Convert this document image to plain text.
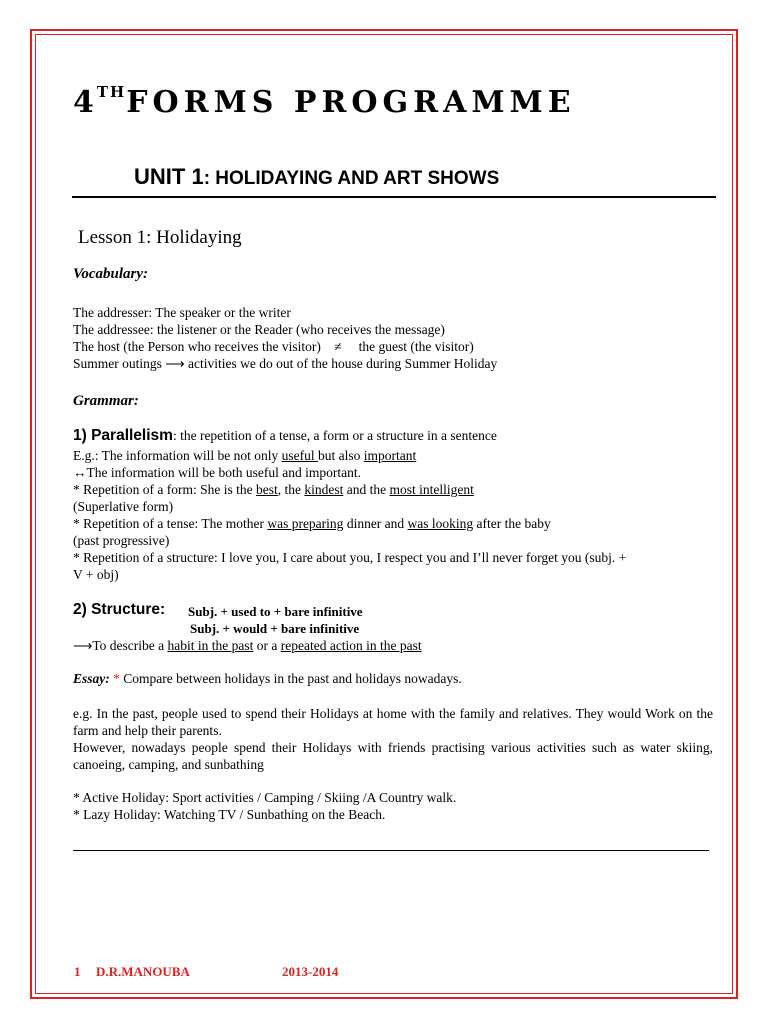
4THFORMS PROGRAMME
UNIT 1: HOLIDAYING AND ART SHOWS
Lesson 1: Holidaying
Vocabulary:
The addresser: The speaker or the writer
The addressee: the listener or the Reader (who receives the message)
The host (the Person who receives the visitor)    ≠     the guest (the visitor)
Summer outings ⟶ activities we do out of the house during Summer Holiday
Grammar:
1) Parallelism: the repetition of a tense, a form or a structure in a sentence
E.g.: The information will be not only useful but also important
↔The information will be both useful and important.
* Repetition of a form: She is the best, the kindest and the most intelligent
(Superlative form)
* Repetition of a tense: The mother was preparing dinner and was looking after the baby
(past progressive)
* Repetition of a structure: I love you, I care about you, I respect you and I’ll never forget you (subj. +
V + obj)
2) Structure: Subj. + used to + bare infinitive
Subj. + would + bare infinitive
⟶To describe a habit in the past or a repeated action in the past
Essay: * Compare between holidays in the past and holidays nowadays.
e.g. In the past, people used to spend their Holidays at home with the family and relatives. They would Work on the farm and help their parents.
However, nowadays people spend their Holidays with friends practising various activities such as water skiing, canoeing, camping, and sunbathing
* Active Holiday: Sport activities / Camping / Skiing /A Country walk.
* Lazy Holiday: Watching TV / Sunbathing on the Beach.
1 D.R.MANOUBA	2013-2014
